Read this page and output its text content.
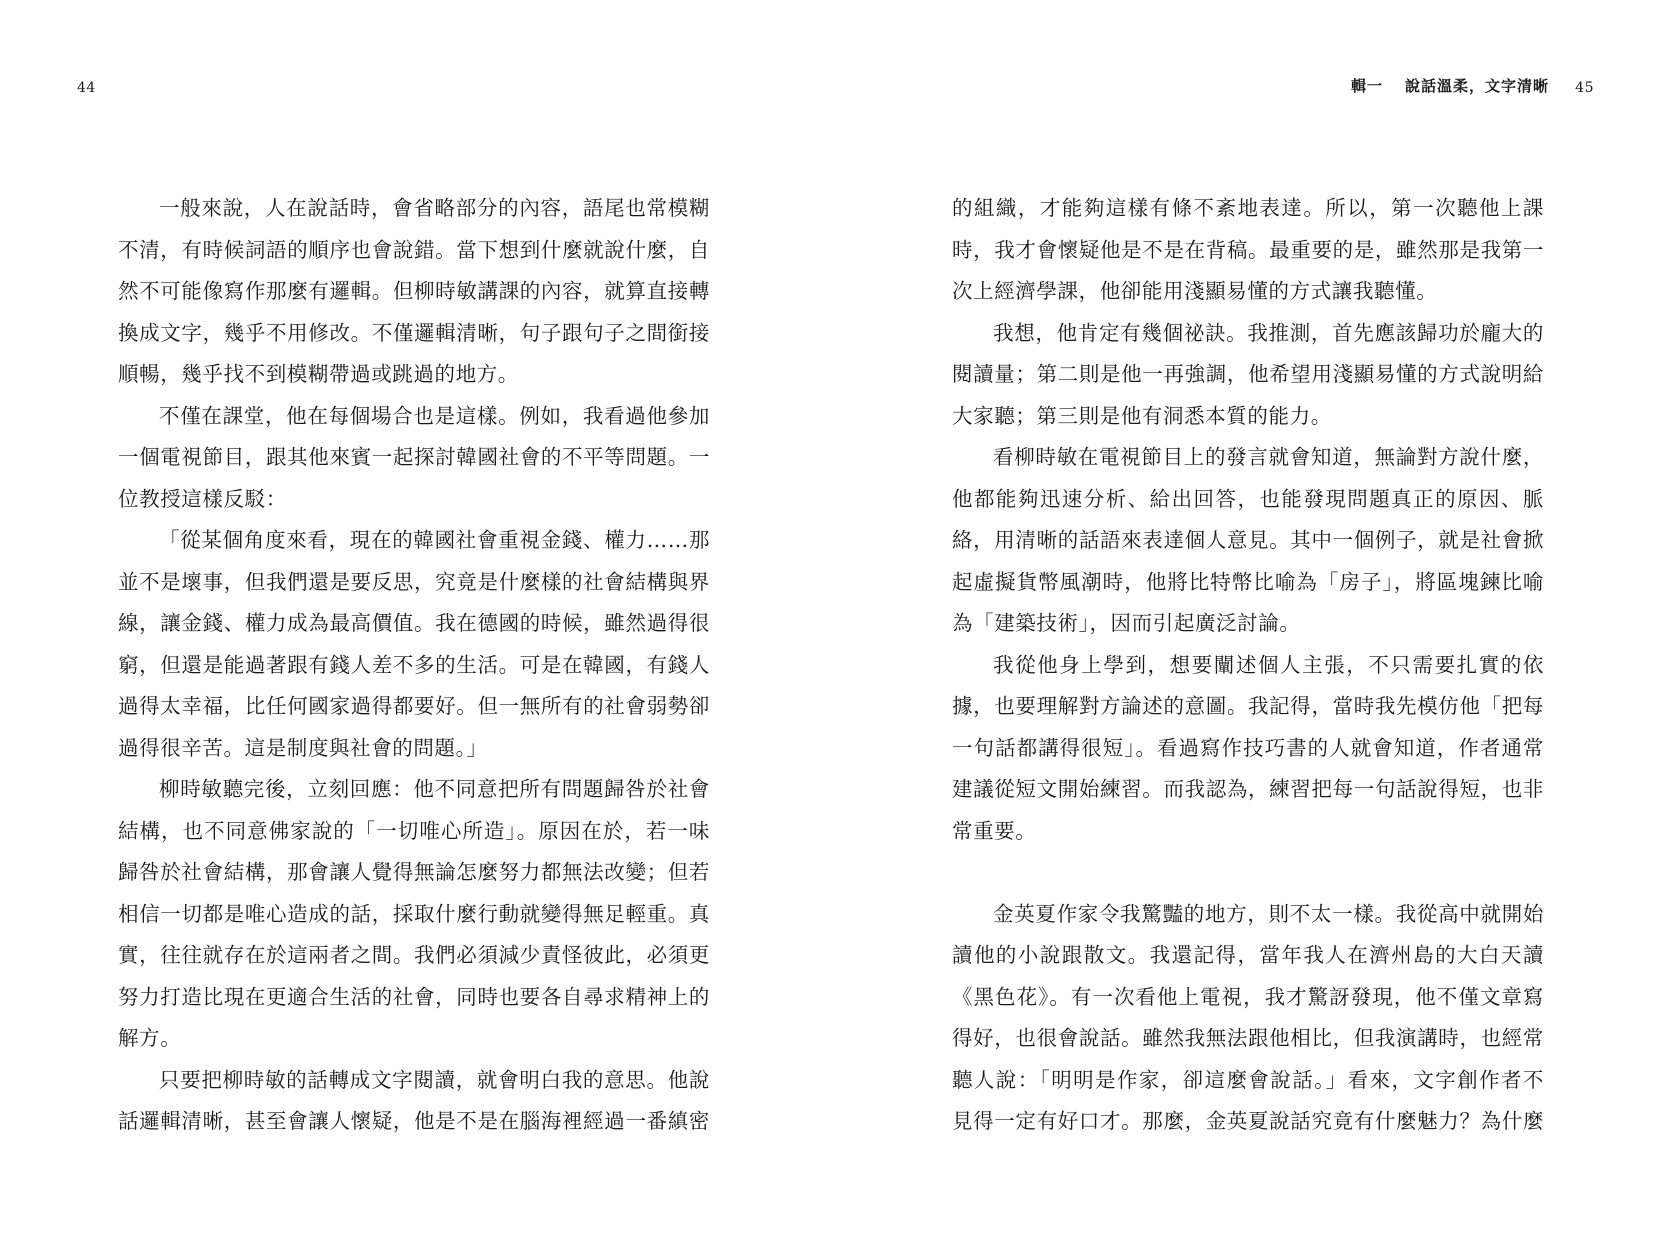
44
一般來說，人在說話時，會省略部分的內容，語尾也常模糊
不清，有時候詞語的順序也會說錯。當下想到什麼就說什麼，自
然不可能像寫作那麼有邏輯。但柳時敏講課的內容，就算直接轉
換成文字，幾乎不用修改。不僅邏輯清晰，句子跟句子之間銜接
順暢，幾乎找不到模糊帶過或跳過的地方。
不僅在課堂，他在每個場合也是這樣。例如，我看過他參加
一個電視節目，跟其他來賓一起探討韓國社會的不平等問題。一
位教授這樣反駁：
「從某個角度來看，現在的韓國社會重視金錢、權力……那
並不是壞事，但我們還是要反思，究竟是什麼樣的社會結構與界
線，讓金錢、權力成為最高價值。我在德國的時候，雖然過得很
窮，但還是能過著跟有錢人差不多的生活。可是在韓國，有錢人
過得太幸福，比任何國家過得都要好。但一無所有的社會弱勢卻
過得很辛苦。這是制度與社會的問題。」
柳時敏聽完後，立刻回應：他不同意把所有問題歸咎於社會
結構，也不同意佛家說的「一切唯心所造」。原因在於，若一味
歸咎於社會結構，那會讓人覺得無論怎麼努力都無法改變；但若
相信一切都是唯心造成的話，採取什麼行動就變得無足輕重。真
實，往往就存在於這兩者之間。我們必須減少責怪彼此，必須更
努力打造比現在更適合生活的社會，同時也要各自尋求精神上的
解方。
只要把柳時敏的話轉成文字閱讀，就會明白我的意思。他說
話邏輯清晰，甚至會讓人懷疑，他是不是在腦海裡經過一番縝密
輯一 說話溫柔，文字清晰 45
的組織，才能夠這樣有條不紊地表達。所以，第一次聽他上課
時，我才會懷疑他是不是在背稿。最重要的是，雖然那是我第一
次上經濟學課，他卻能用淺顯易懂的方式讓我聽懂。
我想，他肯定有幾個祕訣。我推測，首先應該歸功於龐大的
閱讀量；第二則是他一再強調，他希望用淺顯易懂的方式說明給
大家聽；第三則是他有洞悉本質的能力。
看柳時敏在電視節目上的發言就會知道，無論對方說什麼，
他都能夠迅速分析、給出回答，也能發現問題真正的原因、脈
絡，用清晰的話語來表達個人意見。其中一個例子，就是社會掀
起虛擬貨幣風潮時，他將比特幣比喻為「房子」，將區塊鍊比喻
為「建築技術」，因而引起廣泛討論。
我從他身上學到，想要闡述個人主張，不只需要扎實的依
據，也要理解對方論述的意圖。我記得，當時我先模仿他「把每
一句話都講得很短」。看過寫作技巧書的人就會知道，作者通常
建議從短文開始練習。而我認為，練習把每一句話說得短，也非
常重要。
金英夏作家令我驚豔的地方，則不太一樣。我從高中就開始
讀他的小說跟散文。我還記得，當年我人在濟州島的大白天讀
《黑色花》。有一次看他上電視，我才驚訝發現，他不僅文章寫
得好，也很會說話。雖然我無法跟他相比，但我演講時，也經常
聽人說：「明明是作家，卻這麼會說話。」看來，文字創作者不
見得一定有好口才。那麼，金英夏說話究竟有什麼魅力？為什麼
